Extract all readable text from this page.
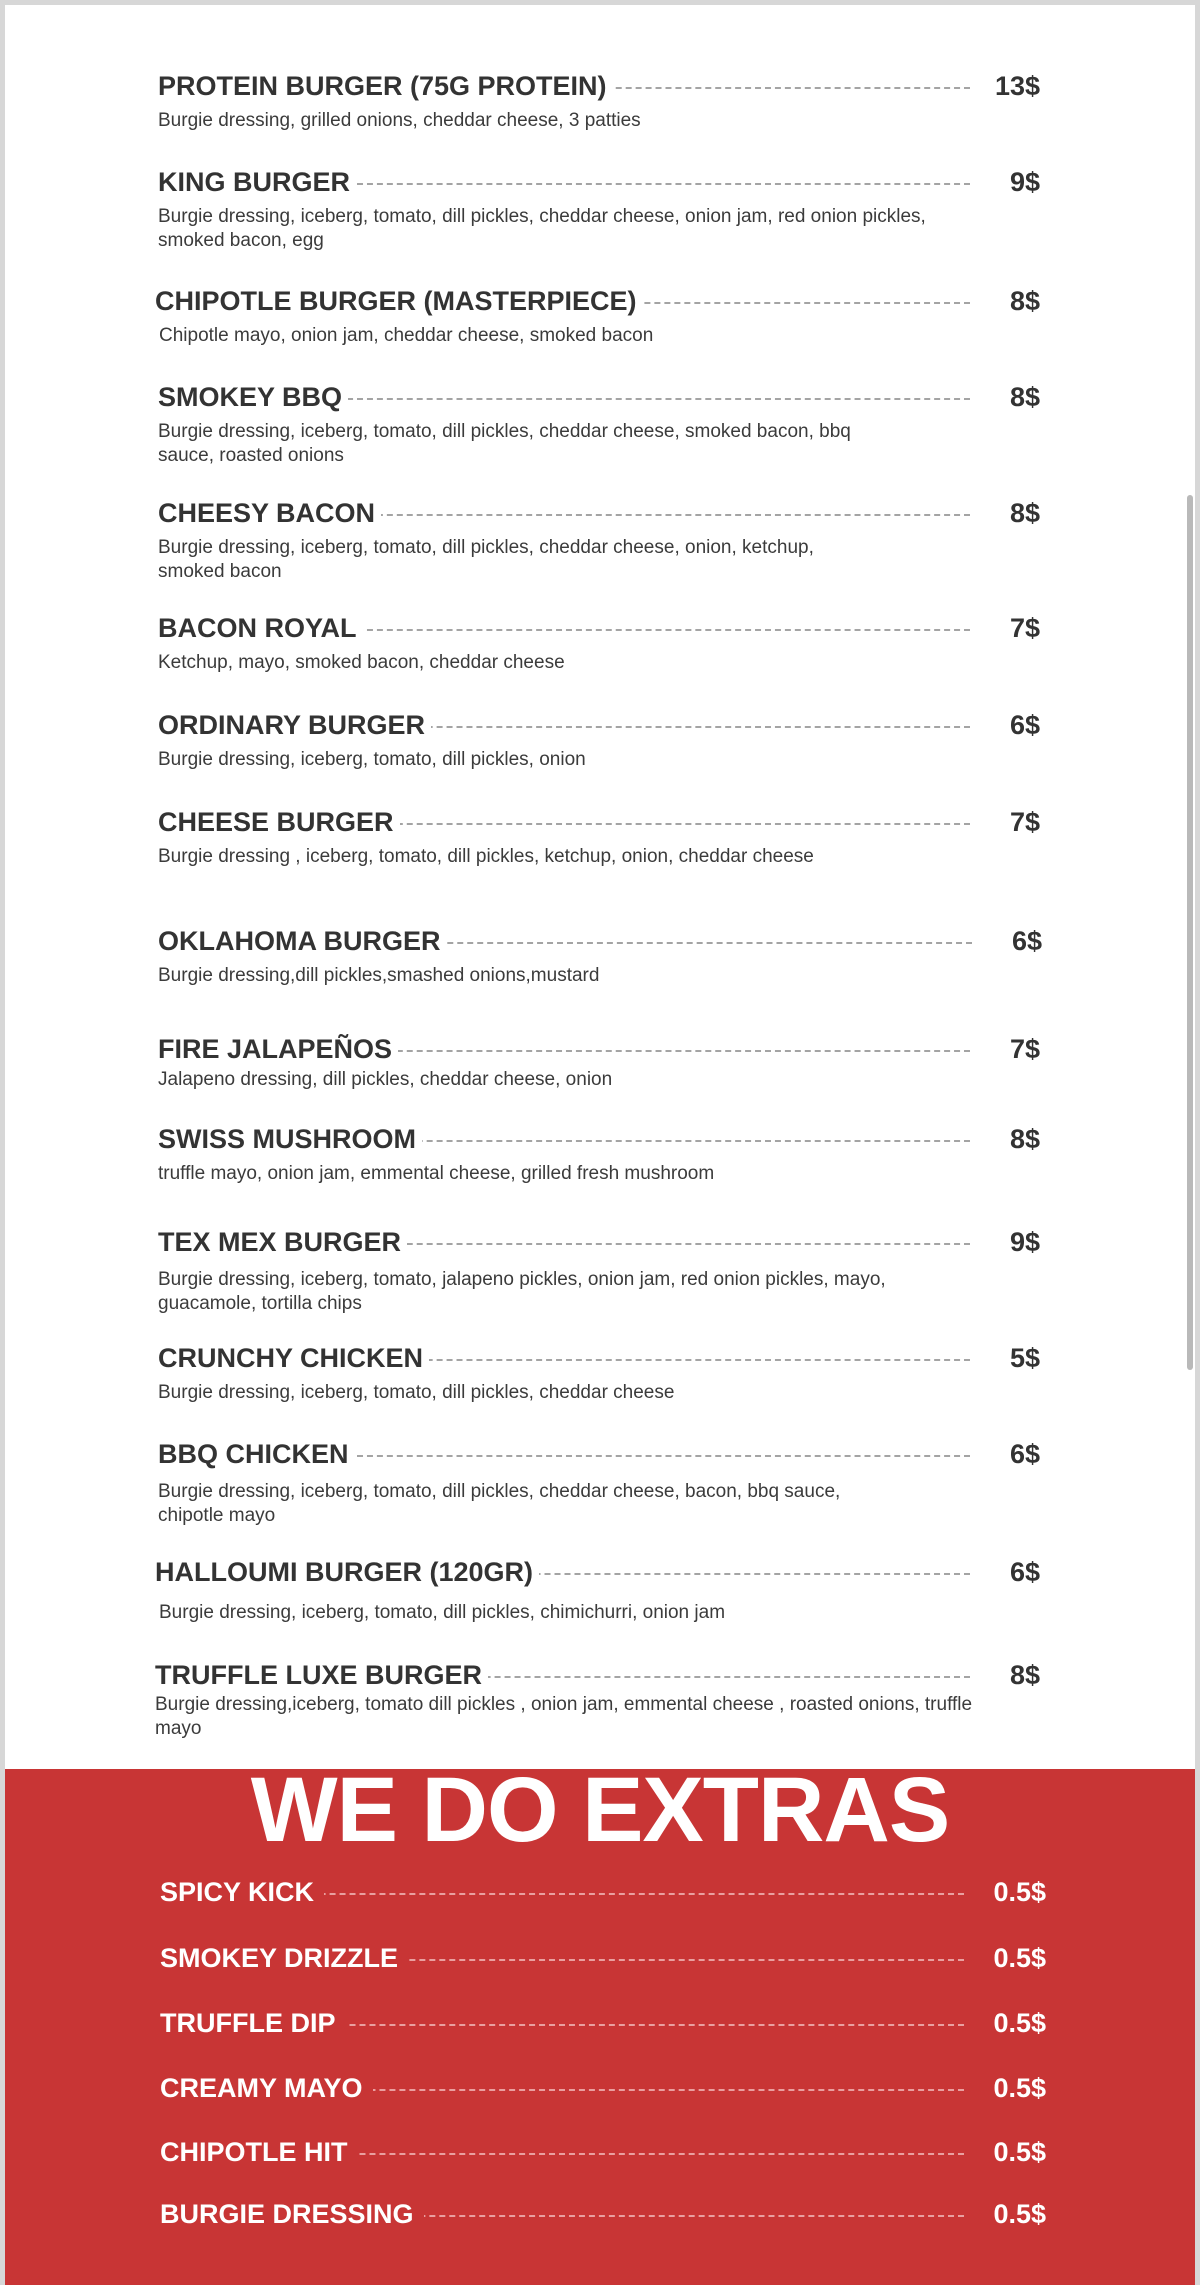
PROTEIN BURGER (75G PROTEIN)	13$
Burgie dressing, grilled onions, cheddar cheese, 3 patties
KING BURGER	9$
Burgie dressing, iceberg, tomato, dill pickles, cheddar cheese, onion jam, red onion pickles, smoked bacon, egg
CHIPOTLE BURGER (MASTERPIECE)	8$
Chipotle mayo, onion jam, cheddar cheese, smoked bacon
SMOKEY BBQ	8$
Burgie dressing, iceberg, tomato, dill pickles, cheddar cheese, smoked bacon, bbq sauce, roasted onions
CHEESY BACON	8$
Burgie dressing, iceberg, tomato, dill pickles, cheddar cheese, onion, ketchup, smoked bacon
BACON ROYAL	7$
Ketchup, mayo, smoked bacon, cheddar cheese
ORDINARY BURGER	6$
Burgie dressing, iceberg, tomato, dill pickles, onion
CHEESE BURGER	7$
Burgie dressing , iceberg, tomato, dill pickles, ketchup, onion, cheddar cheese
OKLAHOMA BURGER	6$
Burgie dressing,dill pickles,smashed onions,mustard
FIRE JALAPEÑOS	7$
Jalapeno dressing, dill pickles, cheddar cheese, onion
SWISS MUSHROOM	8$
truffle mayo, onion jam, emmental cheese, grilled fresh mushroom
TEX MEX BURGER	9$
Burgie dressing, iceberg, tomato, jalapeno pickles, onion jam, red onion pickles, mayo, guacamole, tortilla chips
CRUNCHY CHICKEN	5$
Burgie dressing, iceberg, tomato, dill pickles, cheddar cheese
BBQ CHICKEN	6$
Burgie dressing, iceberg, tomato, dill pickles, cheddar cheese, bacon, bbq sauce, chipotle mayo
HALLOUMI BURGER (120GR)	6$
Burgie dressing, iceberg, tomato, dill pickles, chimichurri, onion jam
TRUFFLE LUXE BURGER	8$
Burgie dressing,iceberg, tomato dill pickles , onion jam, emmental cheese , roasted onions, truffle mayo
WE DO EXTRAS
SPICY KICK	0.5$
SMOKEY DRIZZLE	0.5$
TRUFFLE DIP	0.5$
CREAMY MAYO	0.5$
CHIPOTLE HIT	0.5$
BURGIE DRESSING	0.5$
